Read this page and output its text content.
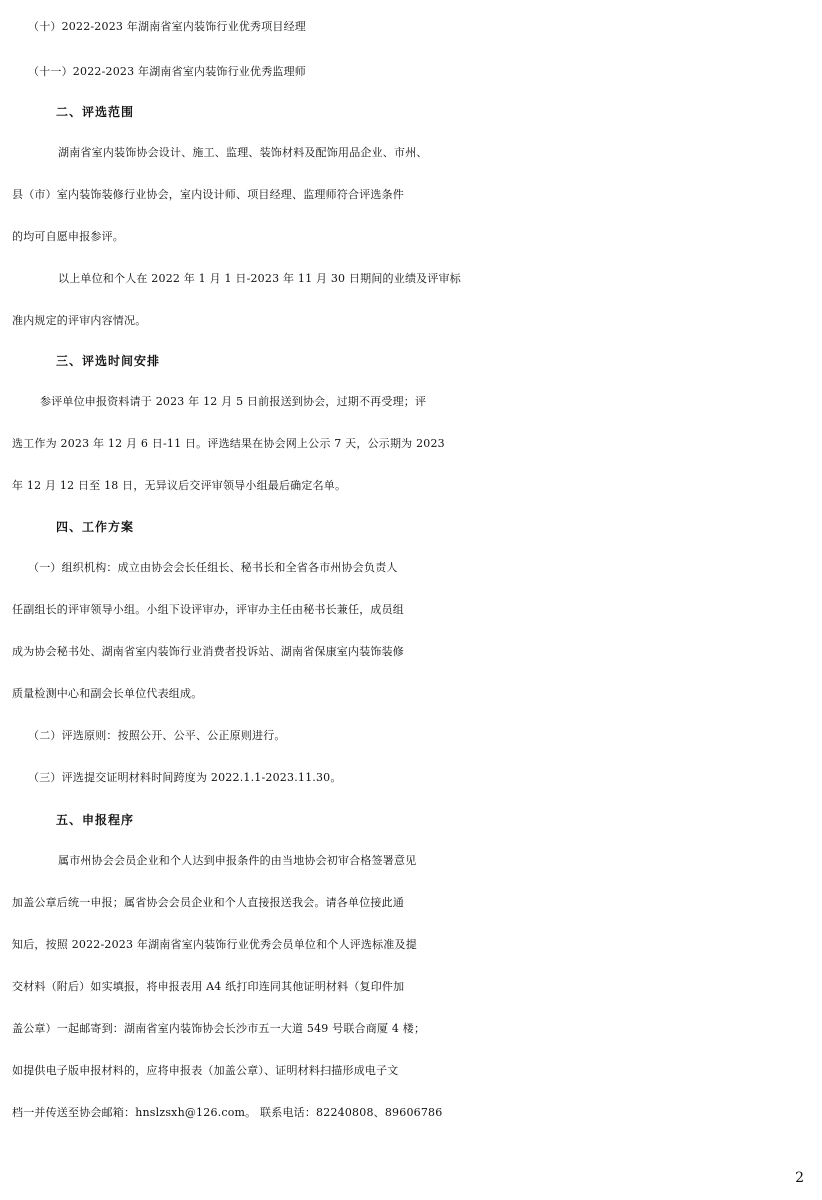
（十）2022-2023 年湖南省室内装饰行业优秀项目经理
（十一）2022-2023 年湖南省室内装饰行业优秀监理师
二、评选范围
湖南省室内装饰协会设计、施工、监理、装饰材料及配饰用品企业、市州、
县（市）室内装饰装修行业协会，室内设计师、项目经理、监理师符合评选条件
的均可自愿申报参评。
以上单位和个人在 2022 年 1 月 1 日-2023 年 11 月 30 日期间的业绩及评审标
准内规定的评审内容情况。
三、评选时间安排
参评单位申报资料请于 2023 年 12 月 5 日前报送到协会，过期不再受理；评
选工作为 2023 年 12 月 6 日-11 日。评选结果在协会网上公示 7 天，公示期为 2023
年 12 月 12 日至 18 日，无异议后交评审领导小组最后确定名单。
四、工作方案
（一）组织机构：成立由协会会长任组长、秘书长和全省各市州协会负责人
任副组长的评审领导小组。小组下设评审办，评审办主任由秘书长兼任，成员组
成为协会秘书处、湖南省室内装饰行业消费者投诉站、湖南省保康室内装饰装修
质量检测中心和副会长单位代表组成。
（二）评选原则：按照公开、公平、公正原则进行。
（三）评选提交证明材料时间跨度为 2022.1.1-2023.11.30。
五、申报程序
属市州协会会员企业和个人达到申报条件的由当地协会初审合格签署意见
加盖公章后统一申报；属省协会会员企业和个人直接报送我会。请各单位接此通
知后，按照 2022-2023 年湖南省室内装饰行业优秀会员单位和个人评选标准及提
交材料（附后）如实填报，将申报表用 A4 纸打印连同其他证明材料（复印件加
盖公章）一起邮寄到：湖南省室内装饰协会长沙市五一大道 549 号联合商厦 4 楼；
如提供电子版申报材料的，应将申报表（加盖公章）、证明材料扫描形成电子文
档一并传送至协会邮箱：hnslzsxh@126.com。 联系电话：82240808、89606786
2
